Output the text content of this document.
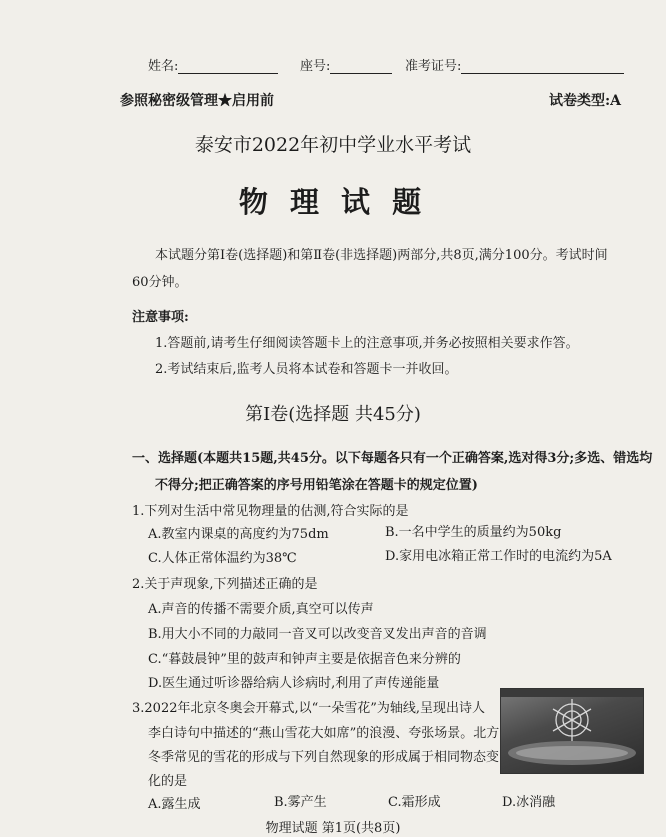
姓名:	座号:	准考证号:
参照秘密级管理★启用前	试卷类型:A
泰安市2022年初中学业水平考试
物 理 试 题
本试题分第Ⅰ卷(选择题)和第Ⅱ卷(非选择题)两部分,共8页,满分100分。考试时间
60分钟。
注意事项:
1.答题前,请考生仔细阅读答题卡上的注意事项,并务必按照相关要求作答。
2.考试结束后,监考人员将本试卷和答题卡一并收回。
第Ⅰ卷(选择题 共45分)
一、选择题(本题共15题,共45分。以下每题各只有一个正确答案,选对得3分;多选、错选均
不得分;把正确答案的序号用铅笔涂在答题卡的规定位置)
1.下列对生活中常见物理量的估测,符合实际的是
A.教室内课桌的高度约为75dm	B.一名中学生的质量约为50kg
C.人体正常体温约为38℃	D.家用电冰箱正常工作时的电流约为5A
2.关于声现象,下列描述正确的是
A.声音的传播不需要介质,真空可以传声
B.用大小不同的力敲同一音叉可以改变音叉发出声音的音调
C.“暮鼓晨钟”里的鼓声和钟声主要是依据音色来分辨的
D.医生通过听诊器给病人诊病时,利用了声传递能量
3.2022年北京冬奥会开幕式,以“一朵雪花”为轴线,呈现出诗人
李白诗句中描述的“燕山雪花大如席”的浪漫、夸张场景。北方
冬季常见的雪花的形成与下列自然现象的形成属于相同物态变
化的是
A.露生成	B.雾产生	C.霜形成	D.冰消融
物理试题 第1页(共8页)
